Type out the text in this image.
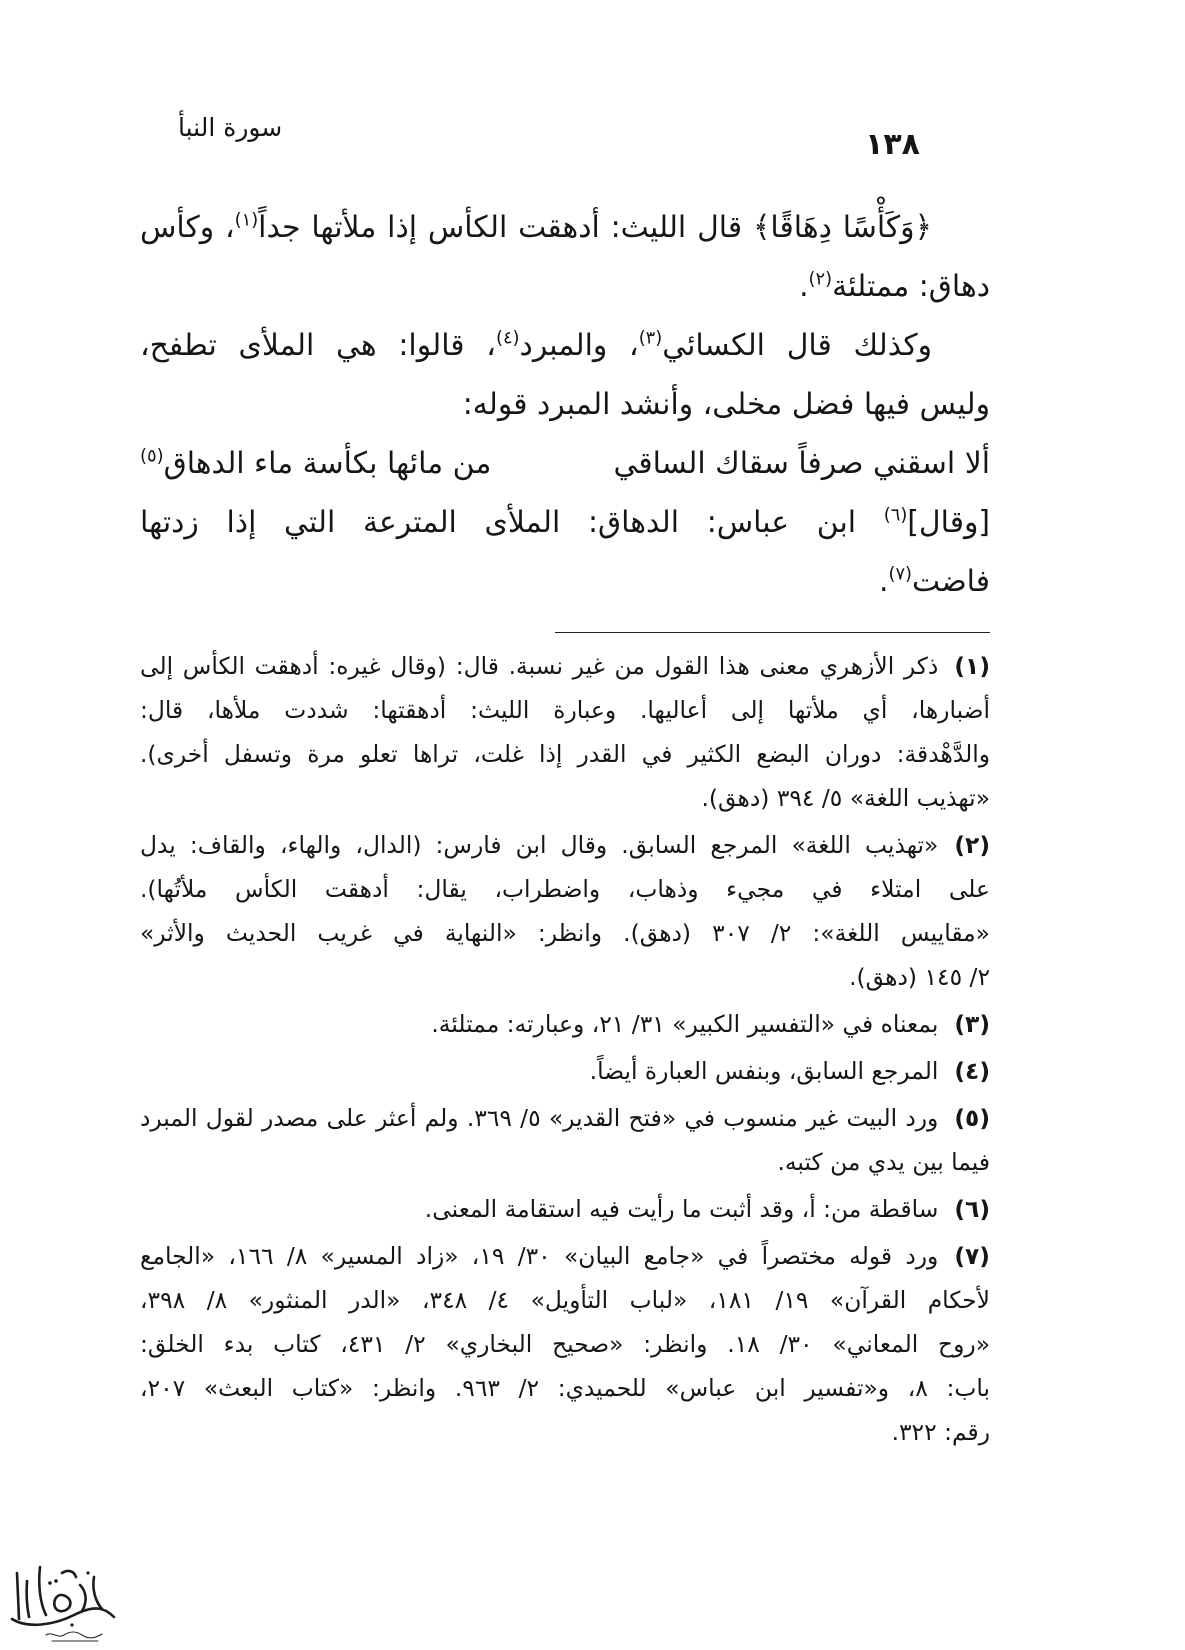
سورة النبأ	١٣٨
﴿وَكَأْسًا دِهَاقًا﴾ قال الليث: أدهقت الكأس إذا ملأتها جداً$^{(١)}$، وكأس
دهاق: ممتلئة$^{(٢)}$.
وكذلك قال الكسائي$^{(٣)}$، والمبرد$^{(٤)}$، قالوا: هي الملأى تطفح،
وليس فيها فضل مخلى، وأنشد المبرد قوله:
ألا اسقني صرفاً سقاك الساقي
من مائها بكأسة ماء الدهاق$^{(٥)}$
[وقال]$^{(٦)}$ ابن عباس: الدهاق: الملأى المترعة التي إذا زدتها
فاضت$^{(٧)}$.
(١)ذكر الأزهري معنى هذا القول من غير نسبة. قال: (وقال غيره: أدهقت الكأس إلى
أضبارها، أي ملأتها إلى أعاليها. وعبارة الليث: أدهقتها: شددت ملأها، قال:
والدَّهْدقة: دوران البضع الكثير في القدر إذا غلت، تراها تعلو مرة وتسفل أخرى).
«تهذيب اللغة» ٥/ ٣٩٤ (دهق).
(٢)«تهذيب اللغة» المرجع السابق. وقال ابن فارس: (الدال، والهاء، والقاف: يدل
على امتلاء في مجيء وذهاب، واضطراب، يقال: أدهقت الكأس ملأتُها).
«مقاييس اللغة»: ٢/ ٣٠٧ (دهق). وانظر: «النهاية في غريب الحديث والأثر»
٢/ ١٤٥ (دهق).
(٣)بمعناه في «التفسير الكبير» ٣١/ ٢١، وعبارته: ممتلئة.
(٤)المرجع السابق، وبنفس العبارة أيضاً.
(٥)ورد البيت غير منسوب في «فتح القدير» ٥/ ٣٦٩. ولم أعثر على مصدر لقول المبرد
فيما بين يدي من كتبه.
(٦)ساقطة من: أ، وقد أثبت ما رأيت فيه استقامة المعنى.
(٧)ورد قوله مختصراً في «جامع البيان» ٣٠/ ١٩، «زاد المسير» ٨/ ١٦٦، «الجامع
لأحكام القرآن» ١٩/ ١٨١، «لباب التأويل» ٤/ ٣٤٨، «الدر المنثور» ٨/ ٣٩٨،
«روح المعاني» ٣٠/ ١٨. وانظر: «صحيح البخاري» ٢/ ٤٣١، كتاب بدء الخلق:
باب: ٨، و«تفسير ابن عباس» للحميدي: ٢/ ٩٦٣. وانظر: «كتاب البعث» ٢٠٧،
رقم: ٣٢٢.
